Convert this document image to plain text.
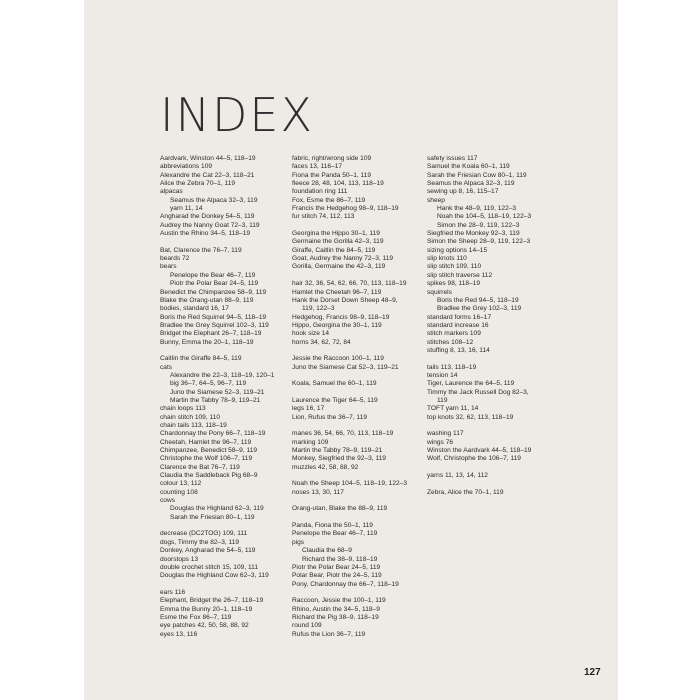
INDEX
Aardvark, Winston 44–5, 118–19
abbreviations 109
Alexandre the Cat 22–3, 118–21
Alice the Zebra 70–1, 119
alpacas
Seamus the Alpaca 32–3, 119
yarn 11, 14
Angharad the Donkey 54–5, 119
Audrey the Nanny Goat 72–3, 119
Austin the Rhino 34–5, 118–19
Bat, Clarence the 76–7, 119
beards 72
bears
Penelope the Bear 46–7, 119
Piotr the Polar Bear 24–5, 119
Benedict the Chimpanzee 58–9, 119
Blake the Orang-utan 88–9, 119
bodies, standard 16, 17
Boris the Red Squirrel 94–5, 118–19
Bradlee the Grey Squirrel 102–3, 119
Bridget the Elephant 26–7, 118–19
Bunny, Emma the 20–1, 118–19
Caitlin the Giraffe 84–5, 119
cats
Alexandre the 22–3, 118–19, 120–1
big 36–7, 64–5, 96–7, 119
Juno the Siamese 52–3, 119–21
Martin the Tabby 78–9, 119–21
chain loops 113
chain stitch 109, 110
chain tails 113, 118–19
Chardonnay the Pony 66–7, 118–19
Cheetah, Hamlet the 96–7, 119
Chimpanzee, Benedict 58–9, 119
Christophe the Wolf 106–7, 119
Clarence the Bat 76–7, 119
Claudia the Saddleback Pig 68–9
colour 13, 112
counting 108
cows
Douglas the Highland 62–3, 119
Sarah the Friesian 80–1, 119
decrease (DC2TOG) 109, 111
dogs, Timmy the 82–3, 119
Donkey, Angharad the 54–5, 119
doorstops 13
double crochet stitch 15, 109, 111
Douglas the Highland Cow 62–3, 119
ears 116
Elephant, Bridget the 26–7, 118–19
Emma the Bunny 20–1, 118–19
Esme the Fox 86–7, 119
eye patches 42, 50, 58, 88, 92
eyes 13, 116
fabric, right/wrong side 109
faces 13, 116–17
Fiona the Panda 50–1, 119
fleece 28, 48, 104, 113, 118–19
foundation ring 111
Fox, Esme the 86–7, 119
Francis the Hedgehog 98–9, 118–19
fur stitch 74, 112, 113
Georgina the Hippo 30–1, 119
Germaine the Gorilla 42–3, 119
Giraffe, Caitlin the 84–5, 119
Goat, Audrey the Nanny 72–3, 119
Gorilla, Germaine the 42–3, 119
hair 32, 36, 54, 62, 66, 70, 113, 118–19
Hamlet the Cheetah 96–7, 119
Hank the Dorset Down Sheep 48–9,
119, 122–3
Hedgehog, Francis 98–9, 118–19
Hippo, Georgina the 30–1, 119
hook size 14
horns 34, 62, 72, 84
Jessie the Raccoon 100–1, 119
Juno the Siamese Cat 52–3, 119–21
Koala, Samuel the 60–1, 119
Laurence the Tiger 64–5, 119
legs 16, 17
Lion, Rufus the 36–7, 119
manes 36, 54, 66, 70, 113, 118–19
marking 109
Martin the Tabby 78–9, 119–21
Monkey, Siegfried the 92–3, 119
muzzles 42, 58, 88, 92
Noah the Sheep 104–5, 118–19, 122–3
noses 13, 30, 117
Orang-utan, Blake the 88–9, 119
Panda, Fiona the 50–1, 119
Penelope the Bear 46–7, 119
pigs
Claudia the 68–9
Richard the 38–9, 118–19
Piotr the Polar Bear 24–5, 119
Polar Bear, Piotr the 24–5, 119
Pony, Chardonnay the 66–7, 118–19
Raccoon, Jessie the 100–1, 119
Rhino, Austin the 34–5, 118–9
Richard the Pig 38–9, 118–19
round 109
Rufus the Lion 36–7, 119
safety issues 117
Samuel the Koala 60–1, 119
Sarah the Friesian Cow 80–1, 119
Seamus the Alpaca 32–3, 119
sewing up 8, 16, 115–17
sheep
Hank the 48–9, 119, 122–3
Noah the 104–5, 118–19, 122–3
Simon the 28–9, 119, 122–3
Siegfried the Monkey 92–3, 119
Simon the Sheep 28–9, 119, 122–3
sizing options 14–15
slip knots 110
slip stitch 109, 110
slip stitch traverse 112
spikes 98, 118–19
squirrels
Boris the Red 94–5, 118–19
Bradlee the Grey 102–3, 119
standard forms 16–17
standard increase 16
stitch markers 109
stitches 108–12
stuffing 8, 13, 16, 114
tails 113, 118–19
tension 14
Tiger, Laurence the 64–5, 119
Timmy the Jack Russell Dog 82–3,
119
TOFT yarn 11, 14
top knots 32, 62, 113, 118–19
washing 117
wings 76
Winston the Aardvark 44–5, 118–19
Wolf, Christophe the 106–7, 119
yarns 11, 13, 14, 112
Zebra, Alice the 70–1, 119
127
